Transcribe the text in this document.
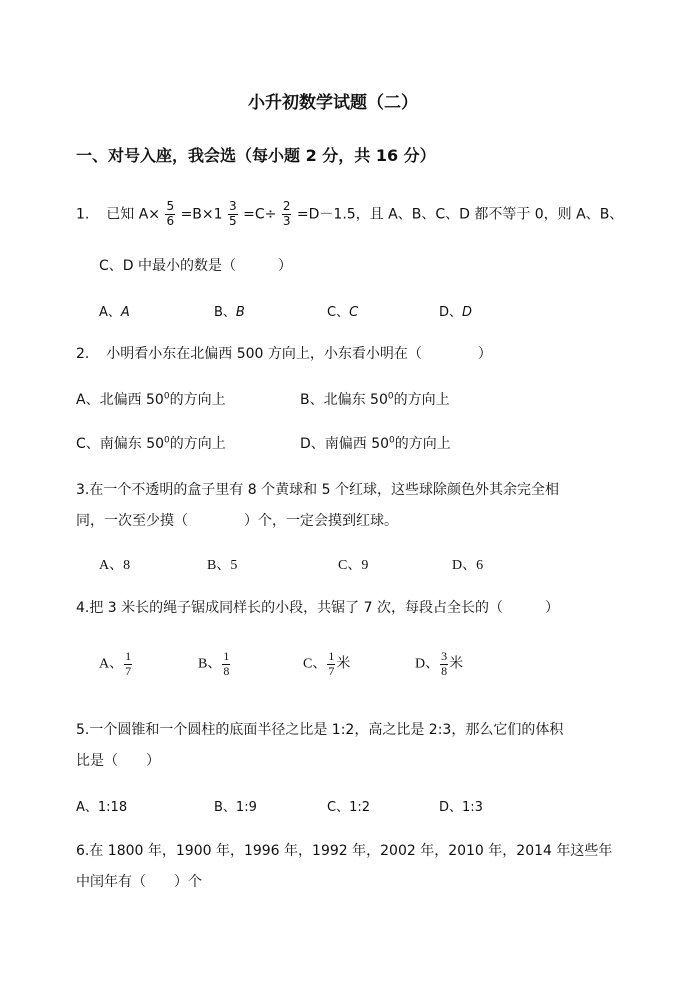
小升初数学试题（二）
一、对号入座，我会选（每小题 2 分，共 16 分）
1. 已知 $A\times \frac{5}{6} =B\times 1 \frac{3}{5} =C\div \frac{2}{3} =D-1.5$，且 A、B、C、D 都不等于 0，则 A、B、
C、D 中最小的数是（　　　）
A、A	B、B	C、C	D、D
2. 小明看小东在北偏西 500 方向上，小东看小明在（　　　　）
A、北偏西 $50^0$的方向上	B、北偏东 $50^0$的方向上
C、南偏东 $50^0$的方向上	D、南偏西 $50^0$的方向上
3.在一个不透明的盒子里有 8 个黄球和 5 个红球，这些球除颜色外其余完全相
同，一次至少摸（　　　　）个，一定会摸到红球。
A、8	B、5	C、9	D、6
4.把 3 米长的绳子锯成同样长的小段，共锯了 7 次，每段占全长的（　　　）
A、 $\frac{1}{7}$	B、 $\frac{1}{8}$	C、 $\frac{1}{7}$ 米	D、 $\frac{3}{8}$ 米
5.一个圆锥和一个圆柱的底面半径之比是 1:2，高之比是 2:3，那么它们的体积
比是（　　）
A、1:18	B、1:9	C、1:2	D、1:3
6.在 1800 年，1900 年，1996 年，1992 年，2002 年，2010 年，2014 年这些年
中闰年有（　　）个
